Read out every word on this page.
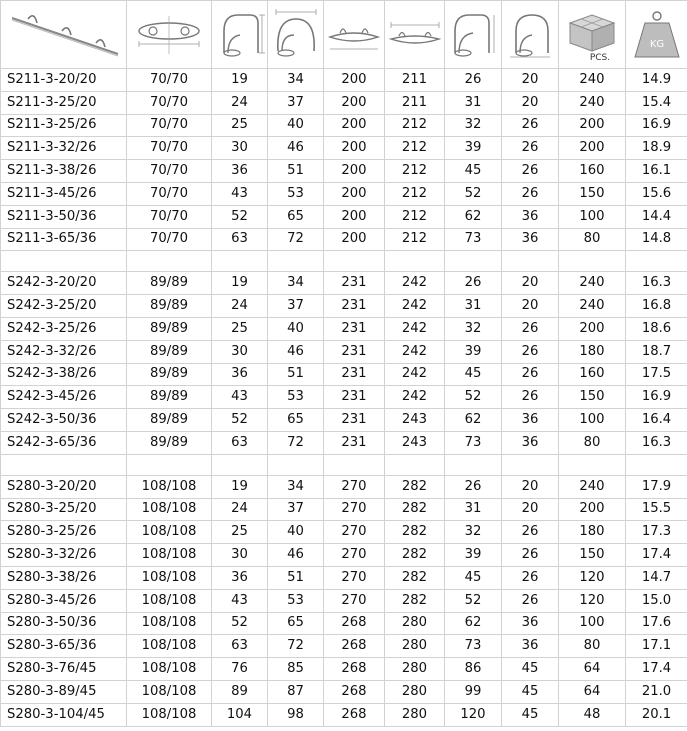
PCS.	KG

S211-3-20/20	70/70	19	34	200	211	26	20	240	14.9
S211-3-25/20	70/70	24	37	200	211	31	20	240	15.4
S211-3-25/26	70/70	25	40	200	212	32	26	200	16.9
S211-3-32/26	70/70	30	46	200	212	39	26	200	18.9
S211-3-38/26	70/70	36	51	200	212	45	26	160	16.1
S211-3-45/26	70/70	43	53	200	212	52	26	150	15.6
S211-3-50/36	70/70	52	65	200	212	62	36	100	14.4
S211-3-65/36	70/70	63	72	200	212	73	36	80	14.8

S242-3-20/20	89/89	19	34	231	242	26	20	240	16.3
S242-3-25/20	89/89	24	37	231	242	31	20	240	16.8
S242-3-25/26	89/89	25	40	231	242	32	26	200	18.6
S242-3-32/26	89/89	30	46	231	242	39	26	180	18.7
S242-3-38/26	89/89	36	51	231	242	45	26	160	17.5
S242-3-45/26	89/89	43	53	231	242	52	26	150	16.9
S242-3-50/36	89/89	52	65	231	243	62	36	100	16.4
S242-3-65/36	89/89	63	72	231	243	73	36	80	16.3

S280-3-20/20	108/108	19	34	270	282	26	20	240	17.9
S280-3-25/20	108/108	24	37	270	282	31	20	200	15.5
S280-3-25/26	108/108	25	40	270	282	32	26	180	17.3
S280-3-32/26	108/108	30	46	270	282	39	26	150	17.4
S280-3-38/26	108/108	36	51	270	282	45	26	120	14.7
S280-3-45/26	108/108	43	53	270	282	52	26	120	15.0
S280-3-50/36	108/108	52	65	268	280	62	36	100	17.6
S280-3-65/36	108/108	63	72	268	280	73	36	80	17.1
S280-3-76/45	108/108	76	85	268	280	86	45	64	17.4
S280-3-89/45	108/108	89	87	268	280	99	45	64	21.0
S280-3-104/45	108/108	104	98	268	280	120	45	48	20.1
